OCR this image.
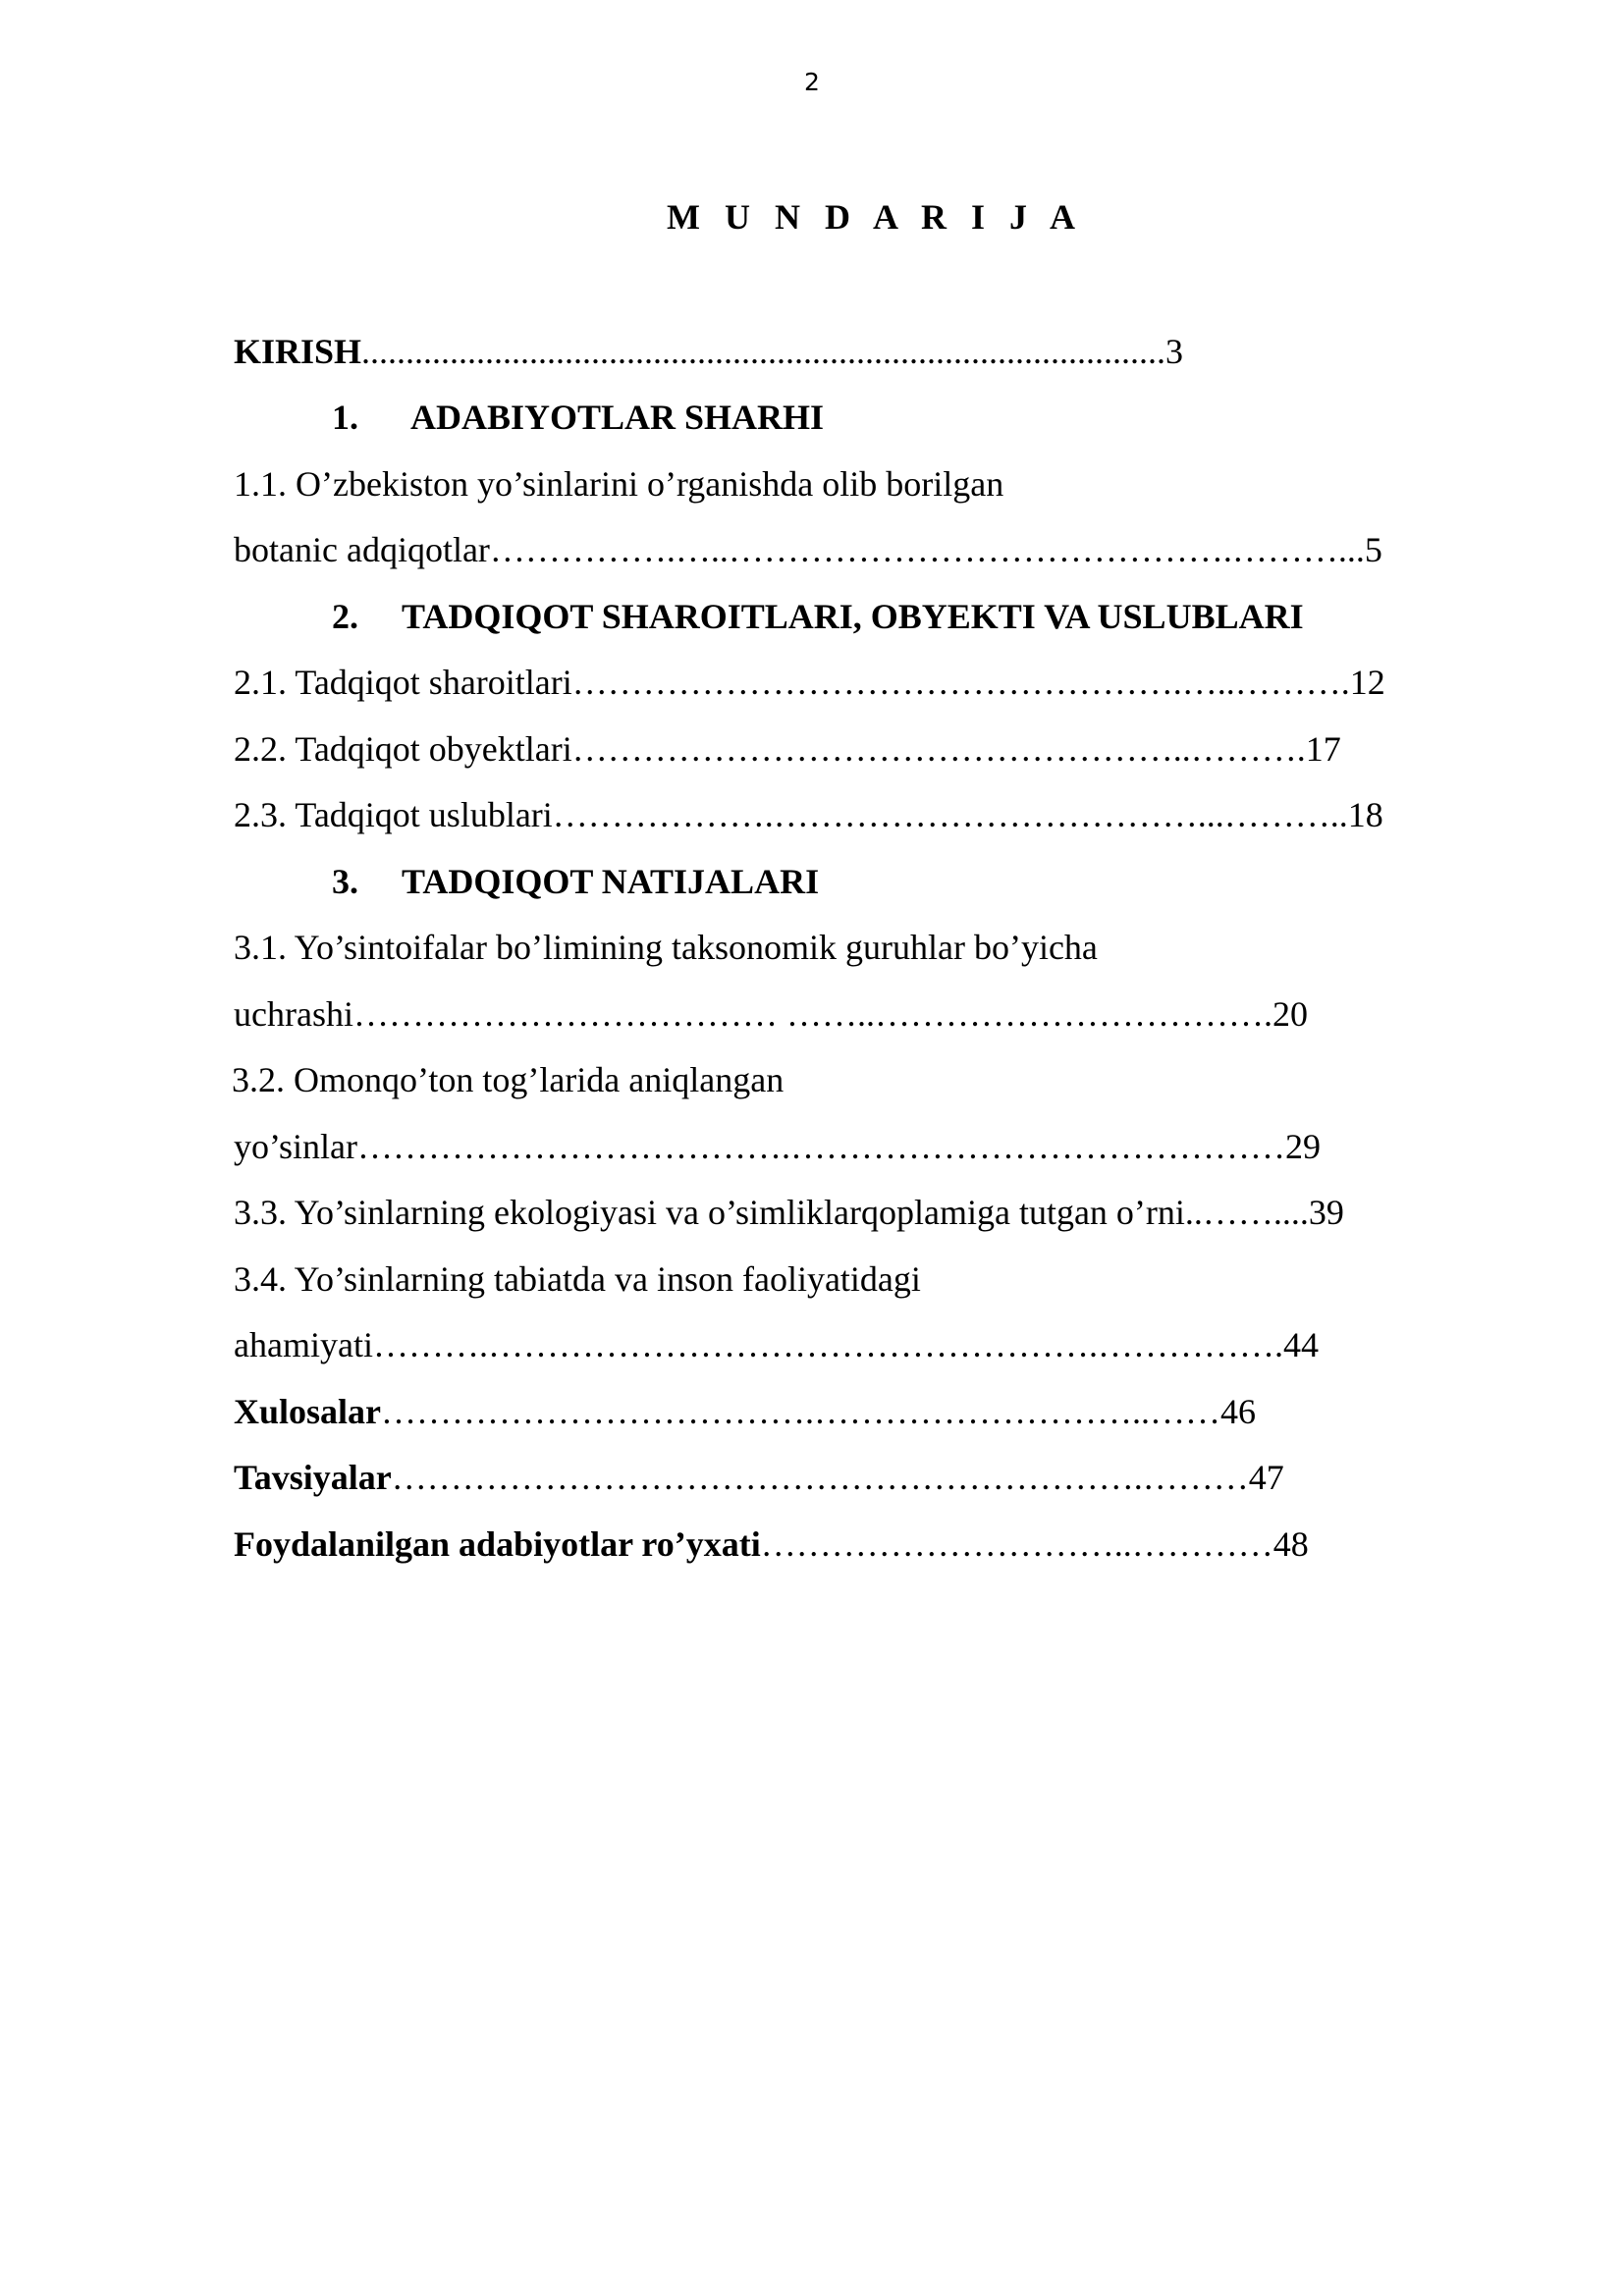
2
M U N D A R I J A
KIRISH...........................................................................................3
1. ADABIYOTLAR SHARHI
1.1. O’zbekiston yo’sinlarini o’rganishda olib borilgan
botanic adqiqotlar…………….…..…………………………………….………...5
2. TADQIQOT SHAROITLARI, OBYEKTI VA USLUBLARI
2.1. Tadqiqot sharoitlari…………………………………………….…..……….12
2.2. Tadqiqot obyektlari……………………………………………..……….17
2.3. Tadqiqot uslublari……………….………………………………...………..18
3. TADQIQOT NATIJALARI
3.1. Yo’sintoifalar bo’limining taksonomik guruhlar bo’yicha
uchrashi……………………………… ……..…………………………….20
3.2. Omonqo’ton tog’larida aniqlangan
yo’sinlar……………………………….……………………………………29
3.3. Yo’sinlarning ekologiyasi va o’simliklarqoplamiga tutgan o’rni..……....39
3.4. Yo’sinlarning tabiatda va inson faoliyatidagi
ahamiyati……….…………………………………………….…………….44
Xulosalar……………………………….………………………..……46
Tavsiyalar……………………………………………………….………47
Foydalanilgan adabiyotlar ro’yxati…………………………..…………48
